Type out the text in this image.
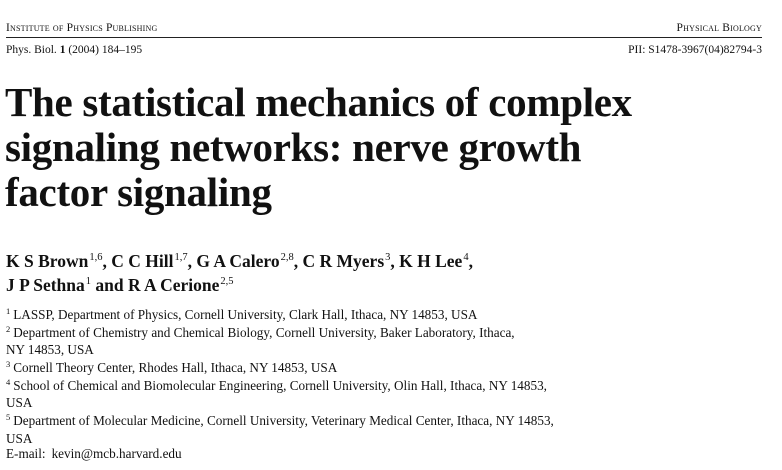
Institute of Physics Publishing	Physical Biology
Phys. Biol. 1 (2004) 184–195	PII: S1478-3967(04)82794-3
The statistical mechanics of complex
signaling networks: nerve growth
factor signaling
K S Brown$^{1,6}$, C C Hill$^{1,7}$, G A Calero$^{2,8}$, C R Myers$^3$, K H Lee$^4$,
J P Sethna$^1$ and R A Cerione$^{2,5}$
$^1$ LASSP, Department of Physics, Cornell University, Clark Hall, Ithaca, NY 14853, USA
$^2$ Department of Chemistry and Chemical Biology, Cornell University, Baker Laboratory, Ithaca,
NY 14853, USA
$^3$ Cornell Theory Center, Rhodes Hall, Ithaca, NY 14853, USA
$^4$ School of Chemical and Biomolecular Engineering, Cornell University, Olin Hall, Ithaca, NY 14853,
USA
$^5$ Department of Molecular Medicine, Cornell University, Veterinary Medical Center, Ithaca, NY 14853,
USA
E-mail: kevin@mcb.harvard.edu
